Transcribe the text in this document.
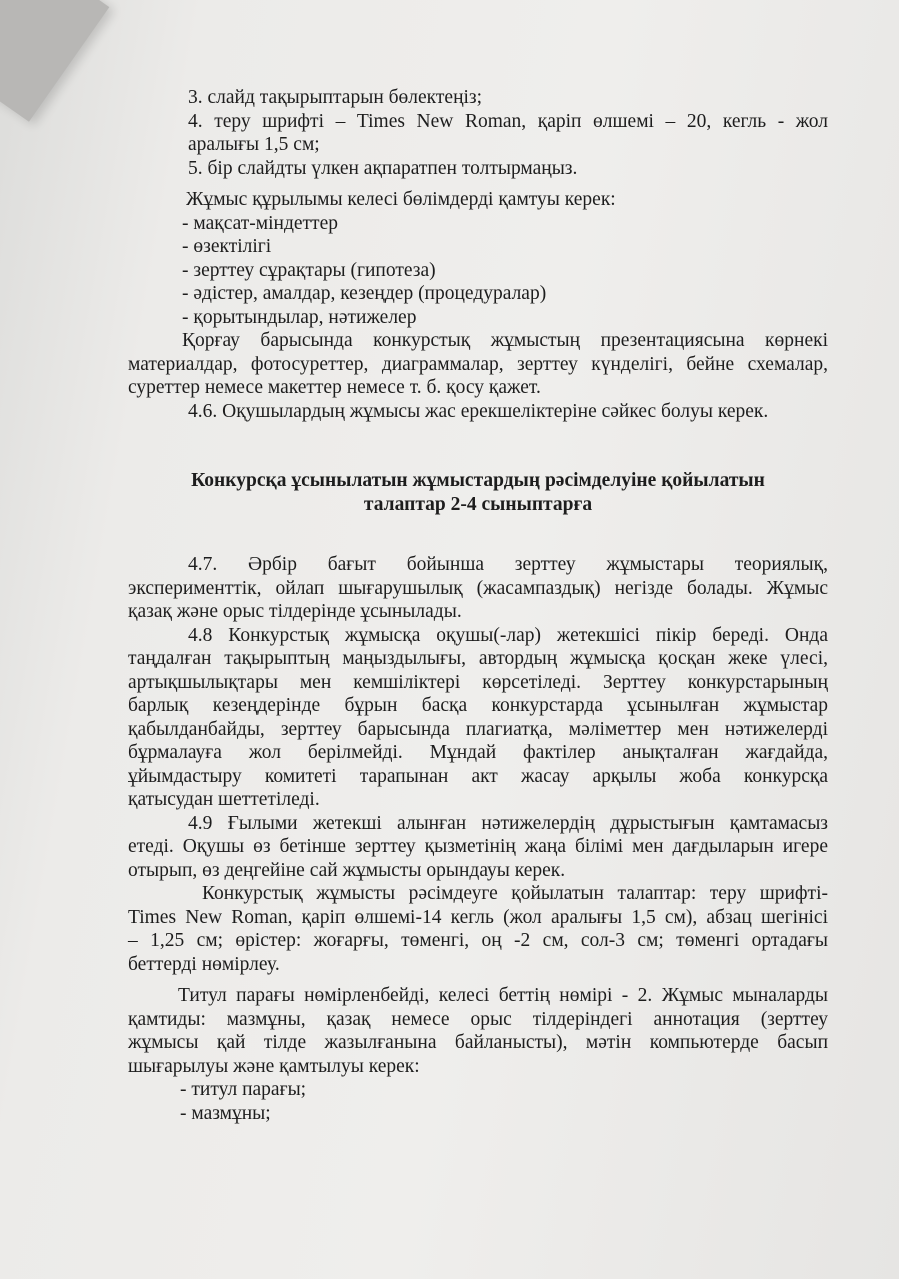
3. слайд тақырыптарын бөлектеңіз;

4. теру шрифті – Times New Roman, қаріп өлшемі – 20, кегль - жол

аралығы 1,5 см;

5. бір слайдты үлкен ақпаратпен толтырмаңыз.

Жұмыс құрылымы келесі бөлімдерді қамтуы керек:

- мақсат-міндеттер

- өзектілігі

- зерттеу сұрақтары (гипотеза)

- әдістер, амалдар, кезеңдер (процедуралар)

- қорытындылар, нәтижелер

Қорғау барысында конкурстық жұмыстың презентациясына көрнекі

материалдар, фотосуреттер, диаграммалар, зерттеу күнделігі, бейне схемалар,

суреттер немесе макеттер немесе т. б. қосу қажет.

4.6. Оқушылардың жұмысы жас ерекшеліктеріне сәйкес болуы керек.

Конкурсқа ұсынылатын жұмыстардың рәсімделуіне қойылатын

талаптар 2-4 сыныптарға

4.7. Әрбір бағыт бойынша зерттеу жұмыстары теориялық,

эксперименттік, ойлап шығарушылық (жасампаздық) негізде болады. Жұмыс

қазақ және орыс тілдерінде ұсынылады.

4.8 Конкурстық жұмысқа оқушы(-лар) жетекшісі пікір береді. Онда

таңдалған тақырыптың маңыздылығы, автордың жұмысқа қосқан жеке үлесі,

артықшылықтары мен кемшіліктері көрсетіледі. Зерттеу конкурстарының

барлық кезеңдерінде бұрын басқа конкурстарда ұсынылған жұмыстар

қабылданбайды, зерттеу барысында плагиатқа, мәліметтер мен нәтижелерді

бұрмалауға жол берілмейді. Мұндай фактілер анықталған жағдайда,

ұйымдастыру комитеті тарапынан акт жасау арқылы жоба конкурсқа

қатысудан шеттетіледі.

4.9 Ғылыми жетекші алынған нәтижелердің дұрыстығын қамтамасыз

етеді. Оқушы өз бетінше зерттеу қызметінің жаңа білімі мен дағдыларын игере

отырып, өз деңгейіне сай жұмысты орындауы керек.

Конкурстық жұмысты рәсімдеуге қойылатын талаптар: теру шрифті-

Times New Roman, қаріп өлшемі-14 кегль (жол аралығы 1,5 см), абзац шегінісі

– 1,25 см; өрістер: жоғарғы, төменгі, оң -2 см, сол-3 см; төменгі ортадағы

беттерді нөмірлеу.

Титул парағы нөмірленбейді, келесі беттің нөмірі - 2. Жұмыс мыналарды

қамтиды: мазмұны, қазақ немесе орыс тілдеріндегі аннотация (зерттеу

жұмысы қай тілде жазылғанына байланысты), мәтін компьютерде басып

шығарылуы және қамтылуы керек:

- титул парағы;

- мазмұны;
